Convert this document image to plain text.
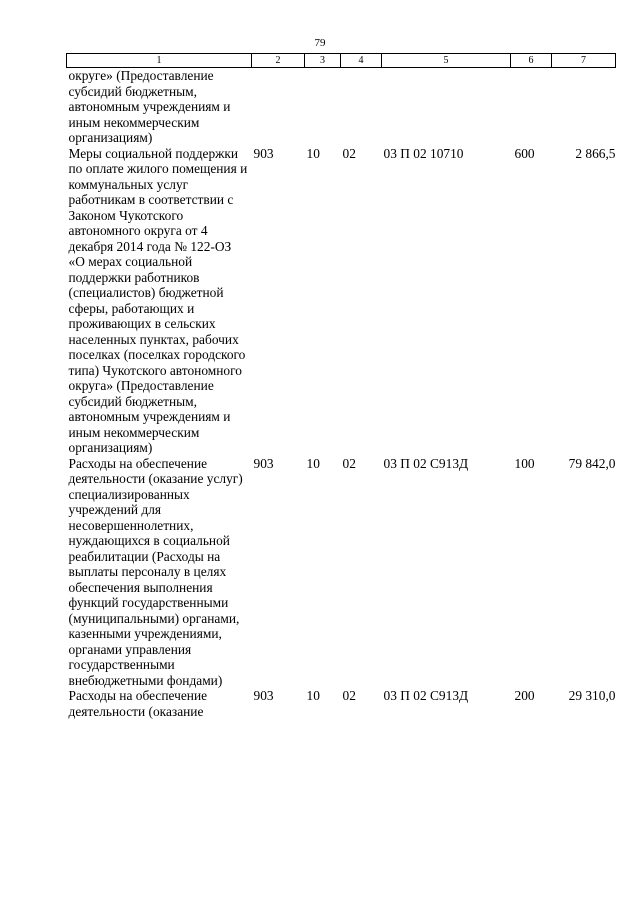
79
1	2	3	4	5	6	7
округе» (Предоставление субсидий бюджетным, автономным учреждениям и иным некоммерческим организациям)						
Меры социальной поддержки по оплате жилого помещения и коммунальных услуг работникам в соответствии с Законом Чукотского автономного округа от 4 декабря 2014 года № 122-ОЗ «О мерах социальной поддержки работников (специалистов) бюджетной сферы, работающих и проживающих в сельских населенных пунктах, рабочих поселках (поселках городского типа) Чукотского автономного округа» (Предоставление субсидий бюджетным, автономным учреждениям и иным некоммерческим организациям)	903	10	02	03 П 02 10710	600	2 866,5
Расходы на обеспечение деятельности (оказание услуг) специализированных учреждений для несовершеннолетних, нуждающихся в социальной реабилитации (Расходы на выплаты персоналу в целях обеспечения выполнения функций государственными (муниципальными) органами, казенными учреждениями, органами управления государственными внебюджетными фондами)	903	10	02	03 П 02 С913Д	100	79 842,0
Расходы на обеспечение деятельности (оказание	903	10	02	03 П 02 С913Д	200	29 310,0
